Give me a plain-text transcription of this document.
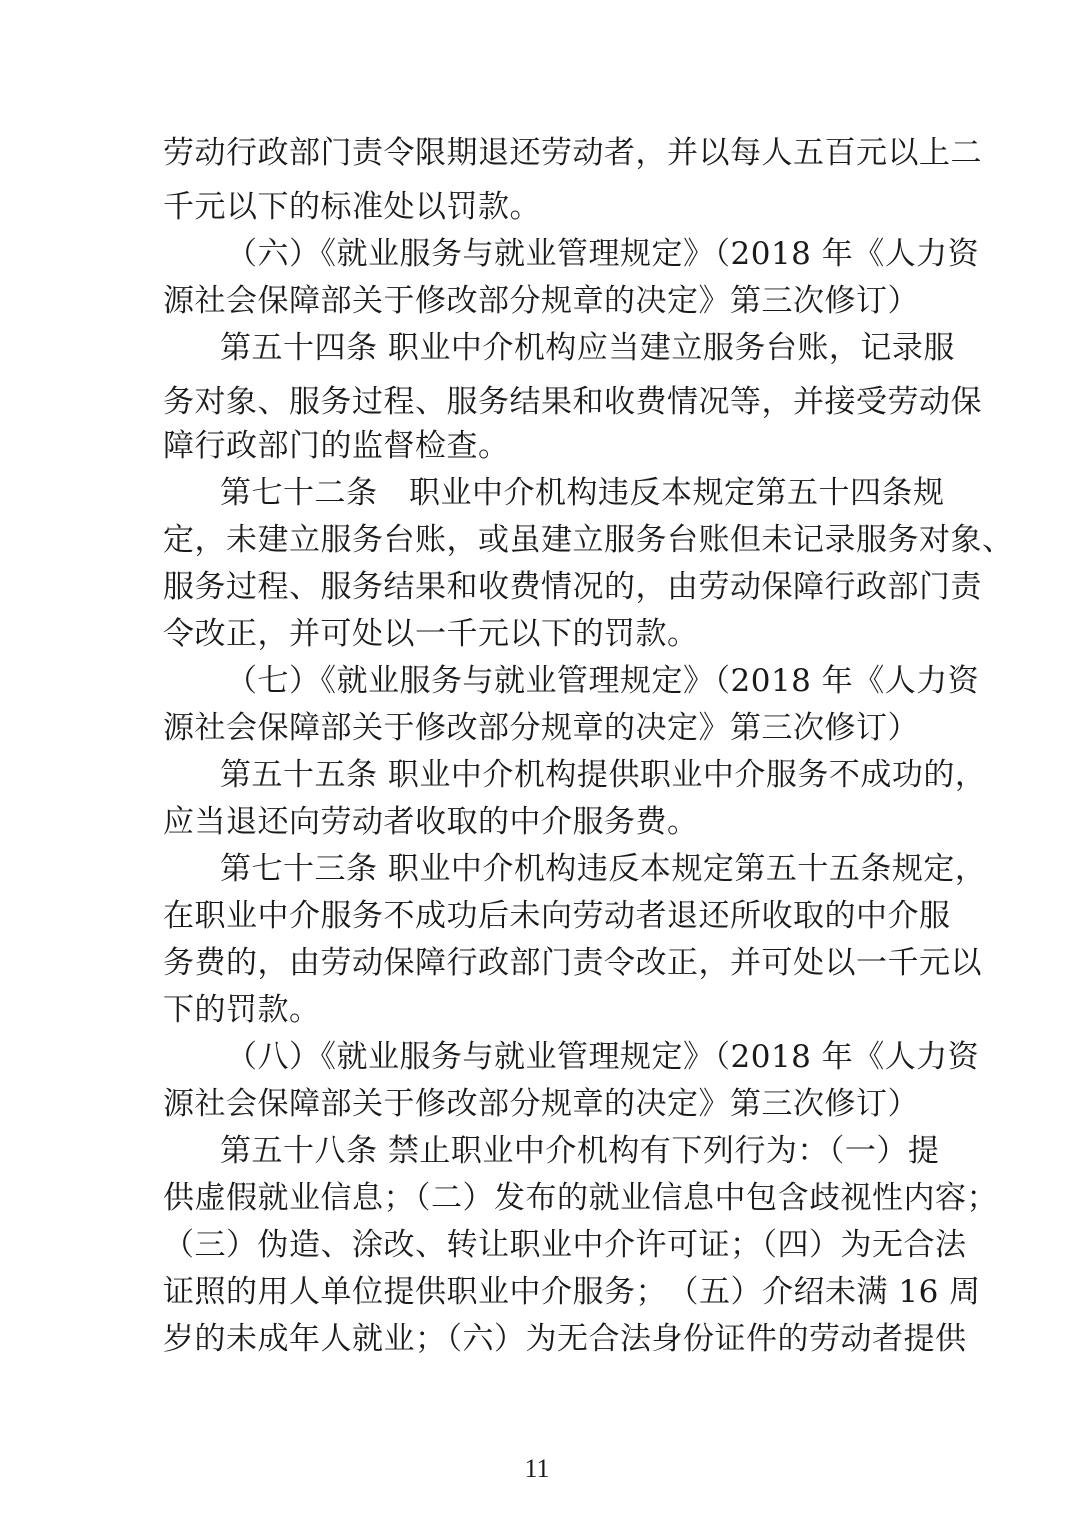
劳动行政部门责令限期退还劳动者，并以每人五百元以上二
千元以下的标准处以罚款。
（六）《就业服务与就业管理规定》（2018 年《人力资
源社会保障部关于修改部分规章的决定》第三次修订）
第五十四条 职业中介机构应当建立服务台账，记录服
务对象、服务过程、服务结果和收费情况等，并接受劳动保
障行政部门的监督检查。
第七十二条　职业中介机构违反本规定第五十四条规
定，未建立服务台账，或虽建立服务台账但未记录服务对象、
服务过程、服务结果和收费情况的，由劳动保障行政部门责
令改正，并可处以一千元以下的罚款。
（七）《就业服务与就业管理规定》（2018 年《人力资
源社会保障部关于修改部分规章的决定》第三次修订）
第五十五条 职业中介机构提供职业中介服务不成功的，
应当退还向劳动者收取的中介服务费。
第七十三条 职业中介机构违反本规定第五十五条规定，
在职业中介服务不成功后未向劳动者退还所收取的中介服
务费的，由劳动保障行政部门责令改正，并可处以一千元以
下的罚款。
（八）《就业服务与就业管理规定》（2018 年《人力资
源社会保障部关于修改部分规章的决定》第三次修订）
第五十八条 禁止职业中介机构有下列行为：（一）提
供虚假就业信息；（二）发布的就业信息中包含歧视性内容；
（三）伪造、涂改、转让职业中介许可证；（四）为无合法
证照的用人单位提供职业中介服务；　（五）介绍未满 16 周
岁的未成年人就业；（六）为无合法身份证件的劳动者提供
11
